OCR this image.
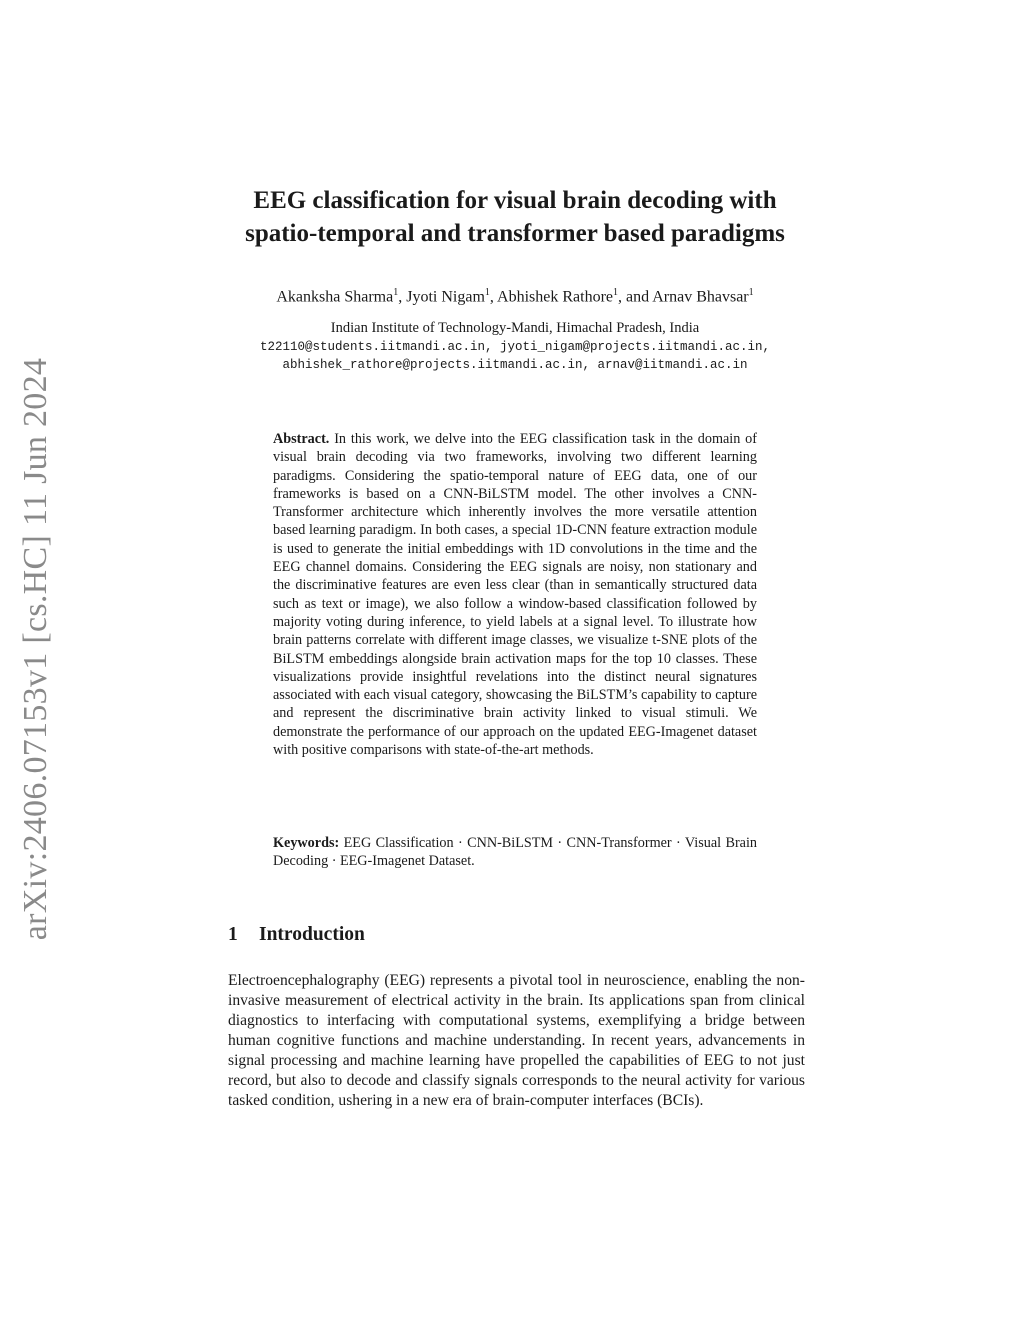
arXiv:2406.07153v1 [cs.HC] 11 Jun 2024
EEG classification for visual brain decoding with
spatio-temporal and transformer based paradigms
Akanksha Sharma$^1$, Jyoti Nigam$^1$, Abhishek Rathore$^1$, and Arnav Bhavsar$^1$
Indian Institute of Technology-Mandi, Himachal Pradesh, India
t22110@students.iitmandi.ac.in, jyoti_nigam@projects.iitmandi.ac.in,
abhishek_rathore@projects.iitmandi.ac.in, arnav@iitmandi.ac.in
Abstract. In this work, we delve into the EEG classification task in the domain of visual brain decoding via two frameworks, involving two different learning paradigms. Considering the spatio-temporal nature of EEG data, one of our frameworks is based on a CNN-BiLSTM model. The other involves a CNN-Transformer architecture which inherently involves the more versatile attention based learning paradigm. In both cases, a special 1D-CNN feature extraction module is used to generate the initial embeddings with 1D convolutions in the time and the EEG channel domains. Considering the EEG signals are noisy, non stationary and the discriminative features are even less clear (than in semantically structured data such as text or image), we also follow a window-based classification followed by majority voting during inference, to yield labels at a signal level. To illustrate how brain patterns correlate with different image classes, we visualize t-SNE plots of the BiLSTM embeddings alongside brain activation maps for the top 10 classes. These visualizations provide insightful revelations into the distinct neural signatures associated with each visual category, showcasing the BiLSTM’s capability to capture and represent the discriminative brain activity linked to visual stimuli. We demonstrate the performance of our approach on the updated EEG-Imagenet dataset with positive comparisons with state-of-the-art methods.
Keywords: EEG Classification · CNN-BiLSTM · CNN-Transformer · Visual Brain Decoding · EEG-Imagenet Dataset.
1 Introduction

Electroencephalography (EEG) represents a pivotal tool in neuroscience, enabling the non-invasive measurement of electrical activity in the brain. Its applications span from clinical diagnostics to interfacing with computational systems, exemplifying a bridge between human cognitive functions and machine understanding. In recent years, advancements in signal processing and machine learning have propelled the capabilities of EEG to not just record, but also to decode and classify signals corresponds to the neural activity for various tasked condition, ushering in a new era of brain-computer interfaces (BCIs).
